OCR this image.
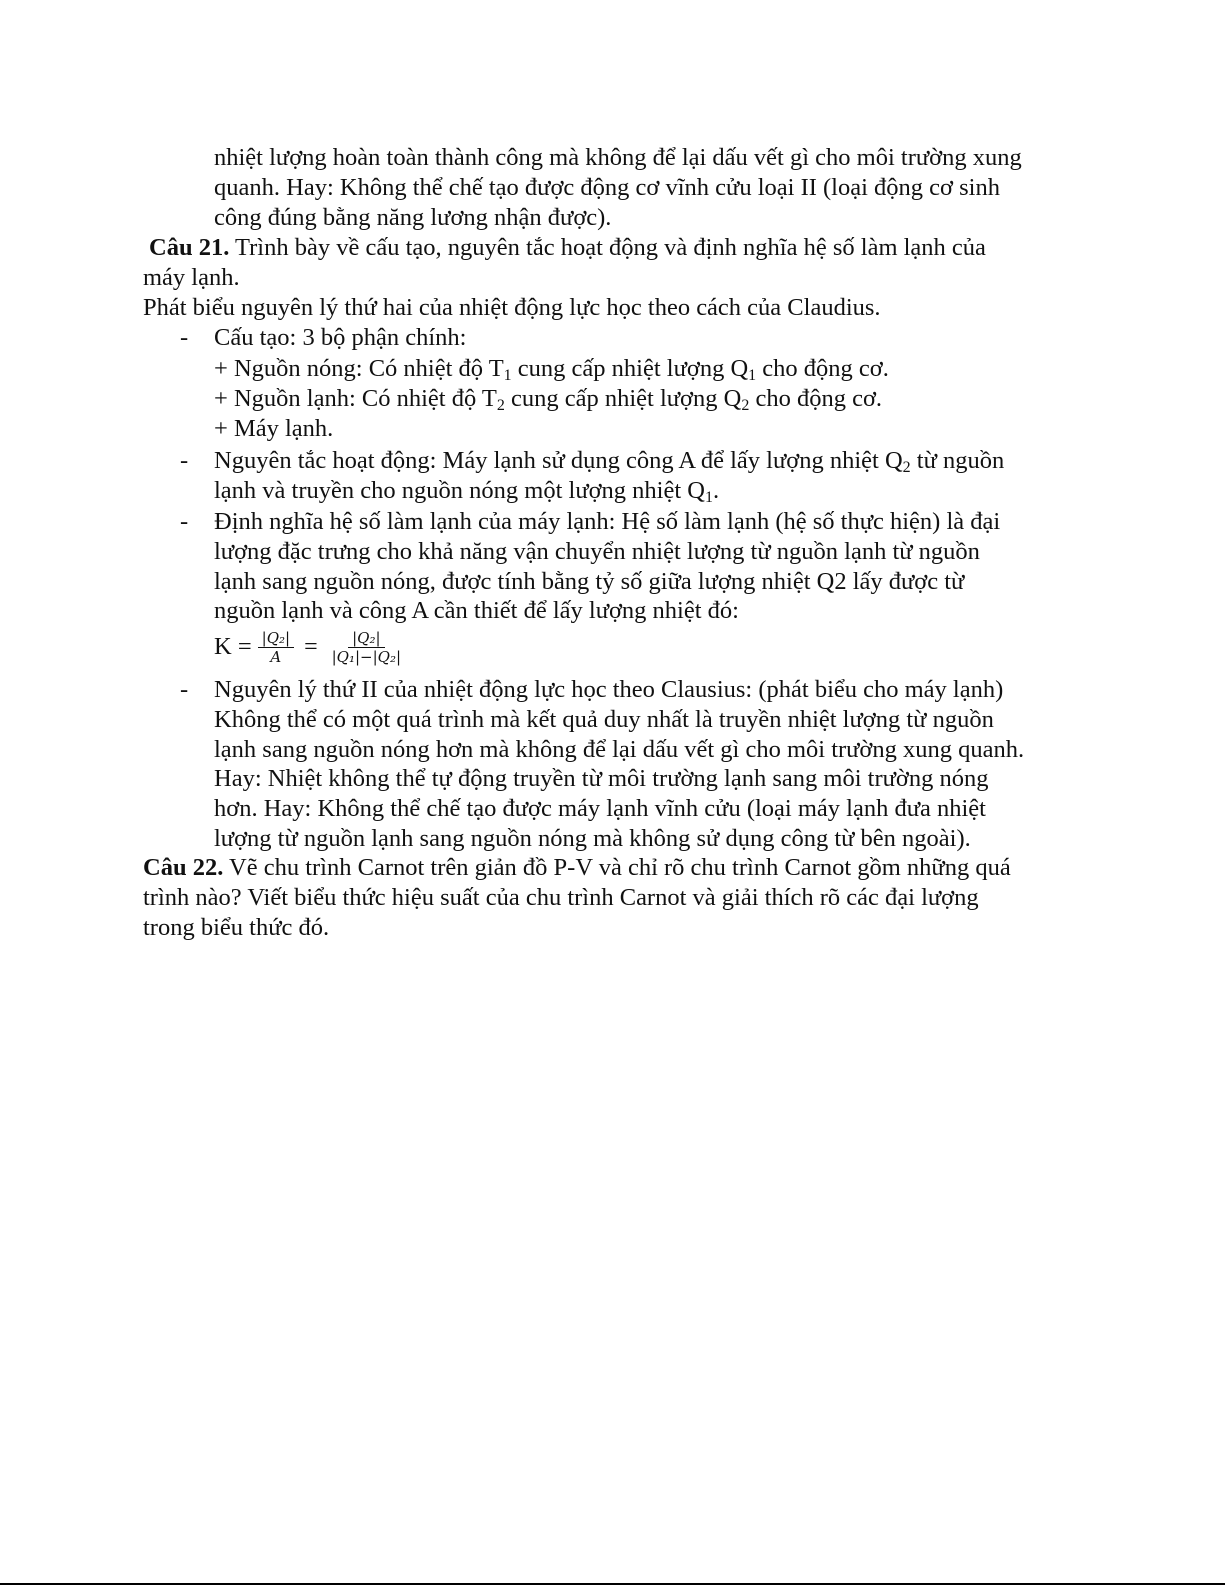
nhiệt lượng hoàn toàn thành công mà không để lại dấu vết gì cho môi trường xung
quanh. Hay: Không thể chế tạo được động cơ vĩnh cửu loại II (loại động cơ sinh
công đúng bằng năng lương nhận được).
Câu 21. Trình bày về cấu tạo, nguyên tắc hoạt động và định nghĩa hệ số làm lạnh của
máy lạnh.
Phát biểu nguyên lý thứ hai của nhiệt động lực học theo cách của Claudius.
- Cấu tạo: 3 bộ phận chính:
+ Nguồn nóng: Có nhiệt độ $T_1$ cung cấp nhiệt lượng $Q_1$ cho động cơ.
+ Nguồn lạnh: Có nhiệt độ $T_2$ cung cấp nhiệt lượng $Q_2$ cho động cơ.
+ Máy lạnh.
- Nguyên tắc hoạt động: Máy lạnh sử dụng công A để lấy lượng nhiệt $Q_2$ từ nguồn
lạnh và truyền cho nguồn nóng một lượng nhiệt $Q_1$.
- Định nghĩa hệ số làm lạnh của máy lạnh: Hệ số làm lạnh (hệ số thực hiện) là đại
lượng đặc trưng cho khả năng vận chuyển nhiệt lượng từ nguồn lạnh từ nguồn
lạnh sang nguồn nóng, được tính bằng tỷ số giữa lượng nhiệt Q2 lấy được từ
nguồn lạnh và công A cần thiết để lấy lượng nhiệt đó:
$K = \frac{\text{|Q₂|}}{A} = \frac{\text{|Q₂|}}{\text{|Q₁|−|Q₂|}}$
- Nguyên lý thứ II của nhiệt động lực học theo Clausius: (phát biểu cho máy lạnh)
Không thể có một quá trình mà kết quả duy nhất là truyền nhiệt lượng từ nguồn
lạnh sang nguồn nóng hơn mà không để lại dấu vết gì cho môi trường xung quanh.
Hay: Nhiệt không thể tự động truyền từ môi trường lạnh sang môi trường nóng
hơn. Hay: Không thể chế tạo được máy lạnh vĩnh cửu (loại máy lạnh đưa nhiệt
lượng từ nguồn lạnh sang nguồn nóng mà không sử dụng công từ bên ngoài).
Câu 22. Vẽ chu trình Carnot trên giản đồ P-V và chỉ rõ chu trình Carnot gồm những quá
trình nào? Viết biểu thức hiệu suất của chu trình Carnot và giải thích rõ các đại lượng
trong biểu thức đó.
